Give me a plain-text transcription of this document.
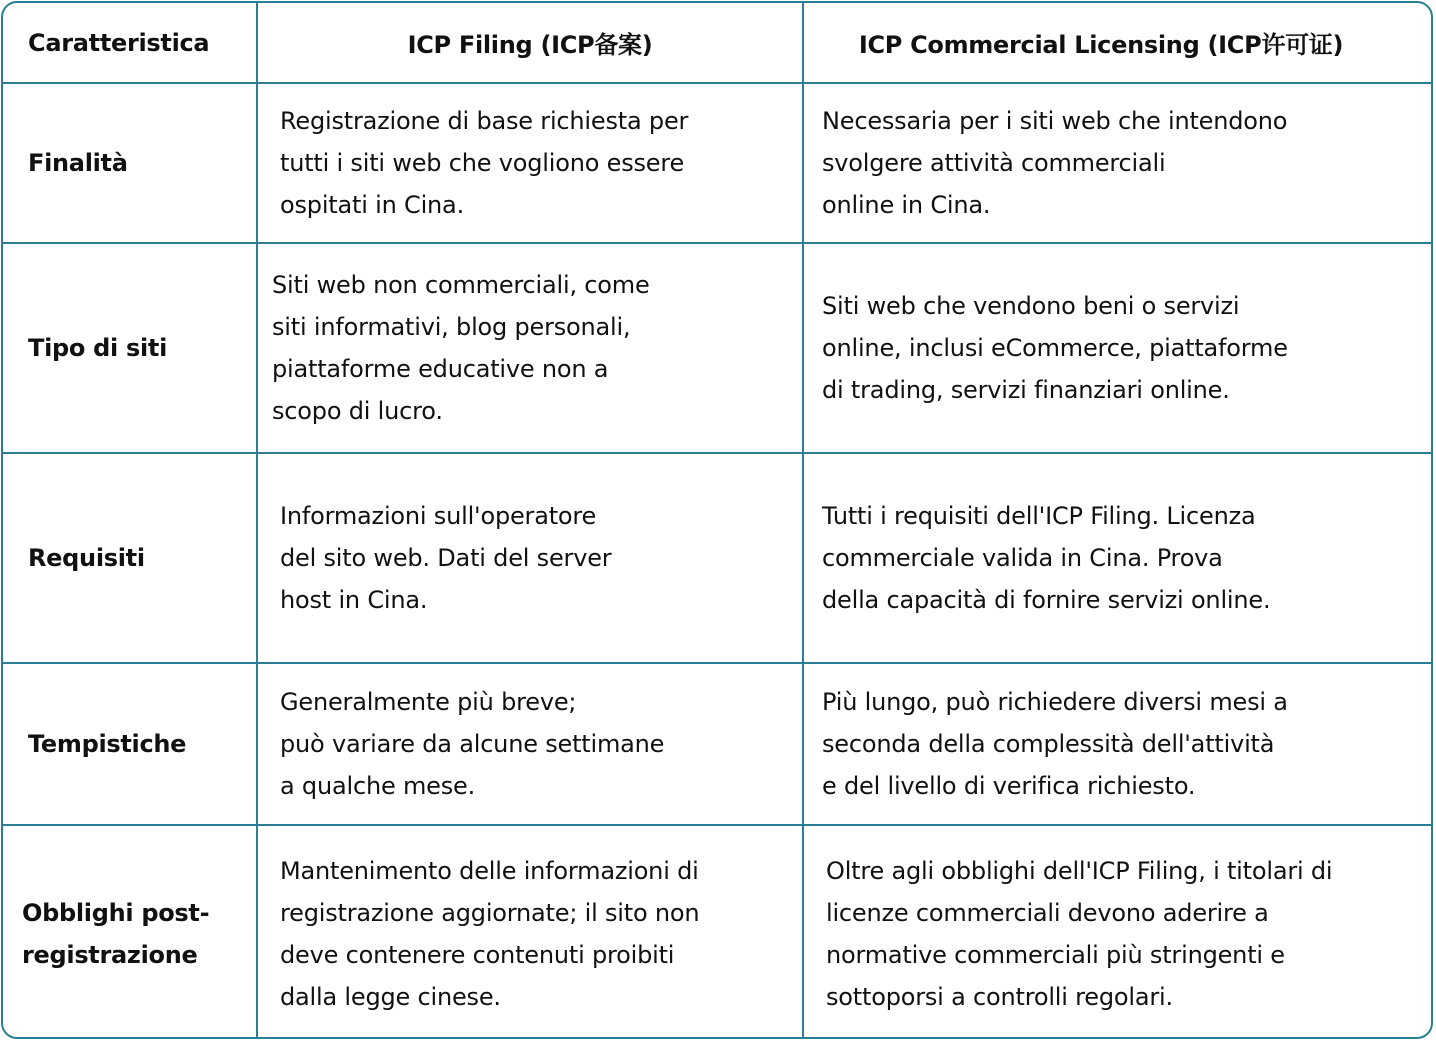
Caratteristica	ICP Filing (ICP备案)	ICP Commercial Licensing (ICP许可证)
Finalità
Registrazione di base richiesta per
tutti i siti web che vogliono essere
ospitati in Cina.
Necessaria per i siti web che intendono
svolgere attività commerciali
online in Cina.
Tipo di siti
Siti web non commerciali, come
siti informativi, blog personali,
piattaforme educative non a
scopo di lucro.
Siti web che vendono beni o servizi
online, inclusi eCommerce, piattaforme
di trading, servizi finanziari online.
Requisiti
Informazioni sull'operatore
del sito web. Dati del server
host in Cina.
Tutti i requisiti dell'ICP Filing. Licenza
commerciale valida in Cina. Prova
della capacità di fornire servizi online.
Tempistiche
Generalmente più breve;
può variare da alcune settimane
a qualche mese.
Più lungo, può richiedere diversi mesi a
seconda della complessità dell'attività
e del livello di verifica richiesto.
Obblighi post-
registrazione
Mantenimento delle informazioni di
registrazione aggiornate; il sito non
deve contenere contenuti proibiti
dalla legge cinese.
Oltre agli obblighi dell'ICP Filing, i titolari di
licenze commerciali devono aderire a
normative commerciali più stringenti e
sottoporsi a controlli regolari.
